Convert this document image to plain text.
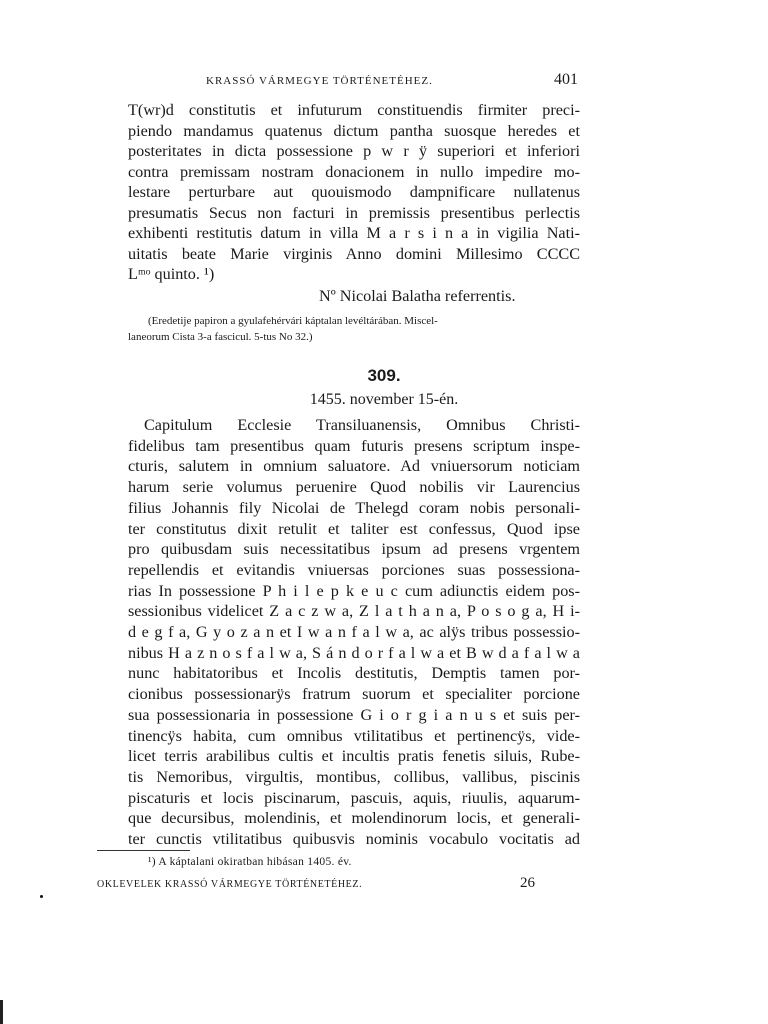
KRASSÓ VÁRMEGYE TÖRTÉNETÉHEZ.	401
T(wr)d constitutis et infuturum constituendis firmiter preci-
piendo mandamus quatenus dictum pantha suosque heredes et
posteritates in dicta possessione p w r ÿ superiori et inferiori
contra premissam nostram donacionem in nullo impedire mo-
lestare perturbare aut quouismodo dampnificare nullatenus
presumatis Secus non facturi in premissis presentibus perlectis
exhibenti restitutis datum in villa M a r s i n a in vigilia Nati-
uitatis beate Marie virginis Anno domini Millesimo CCCC
Lᵐᵒ quinto. ¹)
Nº Nicolai Balatha referrentis.
(Eredetije papiron a gyulafehérvári káptalan levéltárában. Miscel-
laneorum Cista 3-a fascicul. 5-tus No 32.)
309.
1455. november 15-én.
Capitulum Ecclesie Transiluanensis, Omnibus Christi-
fidelibus tam presentibus quam futuris presens scriptum inspe-
cturis, salutem in omnium saluatore. Ad vniuersorum noticiam
harum serie volumus peruenire Quod nobilis vir Laurencius
filius Johannis fily Nicolai de Thelegd coram nobis personali-
ter constitutus dixit retulit et taliter est confessus, Quod ipse
pro quibusdam suis necessitatibus ipsum ad presens vrgentem
repellendis et evitandis vniuersas porciones suas possessiona-
rias In possessione P h i l e p k e u c cum adiunctis eidem pos-
sessionibus videlicet Z a c z w a, Z l a t h a n a, P o s o g a, H i-
d e g f a, G y o z a n et I w a n f a l w a, ac alÿs tribus possessio-
nibus H a z n o s f a l w a, S á n d o r f a l w a et B w d a f a l w a
nunc habitatoribus et Incolis destitutis, Demptis tamen por-
cionibus possessionarÿs fratrum suorum et specialiter porcione
sua possessionaria in possessione G i o r g i a n u s et suis per-
tinencÿs habita, cum omnibus vtilitatibus et pertinencÿs, vide-
licet terris arabilibus cultis et incultis pratis fenetis siluis, Rube-
tis Nemoribus, virgultis, montibus, collibus, vallibus, piscinis
piscaturis et locis piscinarum, pascuis, aquis, riuulis, aquarum-
que decursibus, molendinis, et molendinorum locis, et generali-
ter cunctis vtilitatibus quibusvis nominis vocabulo vocitatis ad
¹) A káptalani okiratban hibásan 1405. év.
OKLEVELEK KRASSÓ VÁRMEGYE TÖRTÉNETÉHEZ.	26
